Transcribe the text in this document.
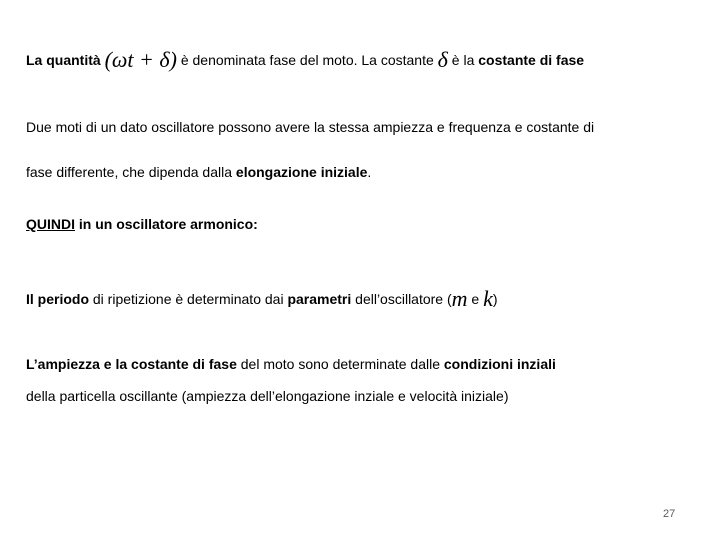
La quantità (ωt + δ) è denominata fase del moto. La costante δ è la costante di fase
Due moti di un dato oscillatore possono avere la stessa ampiezza e frequenza e costante di
fase differente, che dipenda dalla elongazione iniziale.
QUINDI in un oscillatore armonico:
Il periodo di ripetizione è determinato dai parametri dell’oscillatore (m e k)
L’ampiezza e la costante di fase del moto sono determinate dalle condizioni inziali
della particella oscillante (ampiezza dell’elongazione inziale e velocità iniziale)
27
